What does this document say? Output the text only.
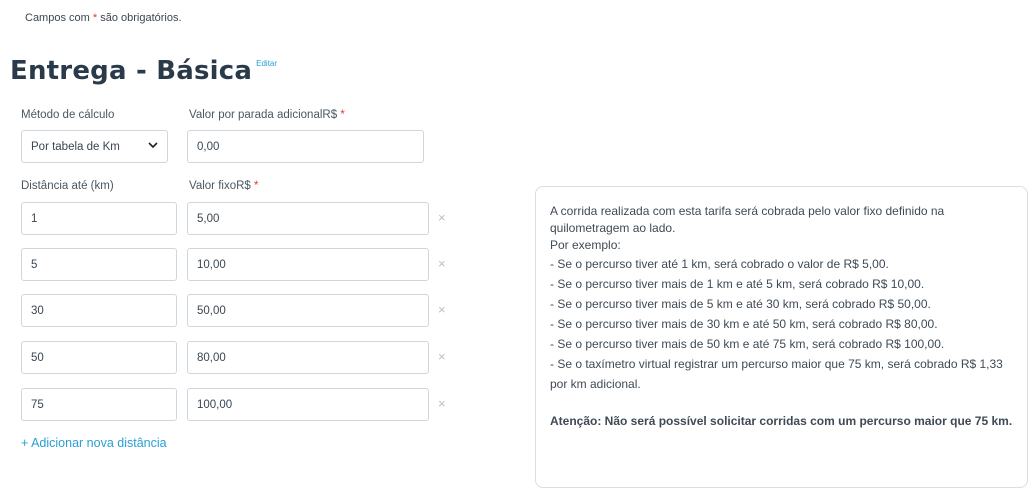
Campos com * são obrigatórios.
Entrega - Básica Editar
Método de cálculo
Por tabela de Km
Valor por parada adicionalR$ *
0,00
Distância até (km)	Valor fixoR$ *
1	5,00	×
5	10,00	×
30	50,00	×
50	80,00	×
75	100,00	×
+ Adicionar nova distância
A corrida realizada com esta tarifa será cobrada pelo valor fixo definido na quilometragem ao lado.
Por exemplo:
- Se o percurso tiver até 1 km, será cobrado o valor de R$ 5,00.
- Se o percurso tiver mais de 1 km e até 5 km, será cobrado R$ 10,00.
- Se o percurso tiver mais de 5 km e até 30 km, será cobrado R$ 50,00.
- Se o percurso tiver mais de 30 km e até 50 km, será cobrado R$ 80,00.
- Se o percurso tiver mais de 50 km e até 75 km, será cobrado R$ 100,00.
- Se o taxímetro virtual registrar um percurso maior que 75 km, será cobrado R$ 1,33 por km adicional.
Atenção: Não será possível solicitar corridas com um percurso maior que 75 km.
